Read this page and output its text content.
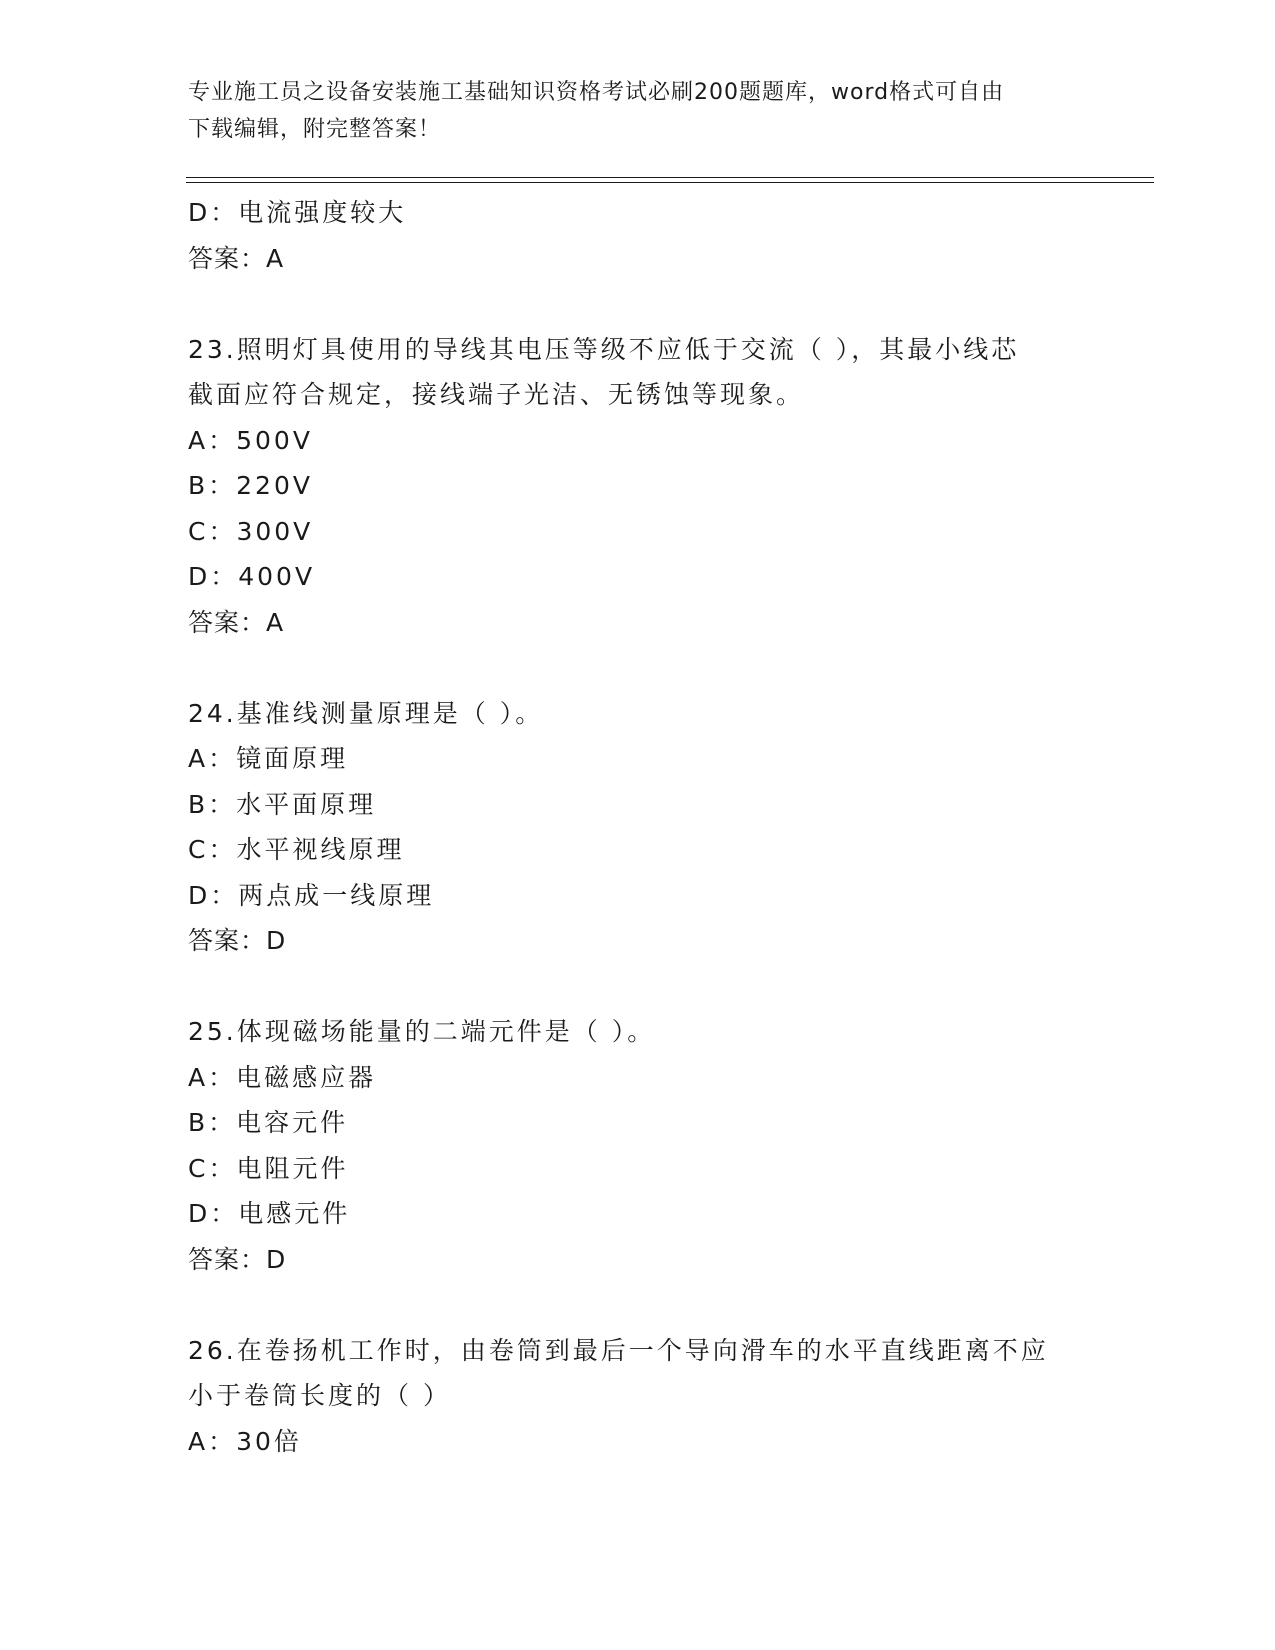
专业施工员之设备安装施工基础知识资格考试必刷200题题库，word格式可自由
下载编辑，附完整答案！
D：电流强度较大
答案：A
23.照明灯具使用的导线其电压等级不应低于交流（ ），其最小线芯
截面应符合规定，接线端子光洁、无锈蚀等现象。
A：500V
B：220V
C：300V
D：400V
答案：A
24.基准线测量原理是（ ）。
A：镜面原理
B：水平面原理
C：水平视线原理
D：两点成一线原理
答案：D
25.体现磁场能量的二端元件是（ ）。
A：电磁感应器
B：电容元件
C：电阻元件
D：电感元件
答案：D
26.在卷扬机工作时，由卷筒到最后一个导向滑车的水平直线距离不应
小于卷筒长度的（ ）
A：30倍
